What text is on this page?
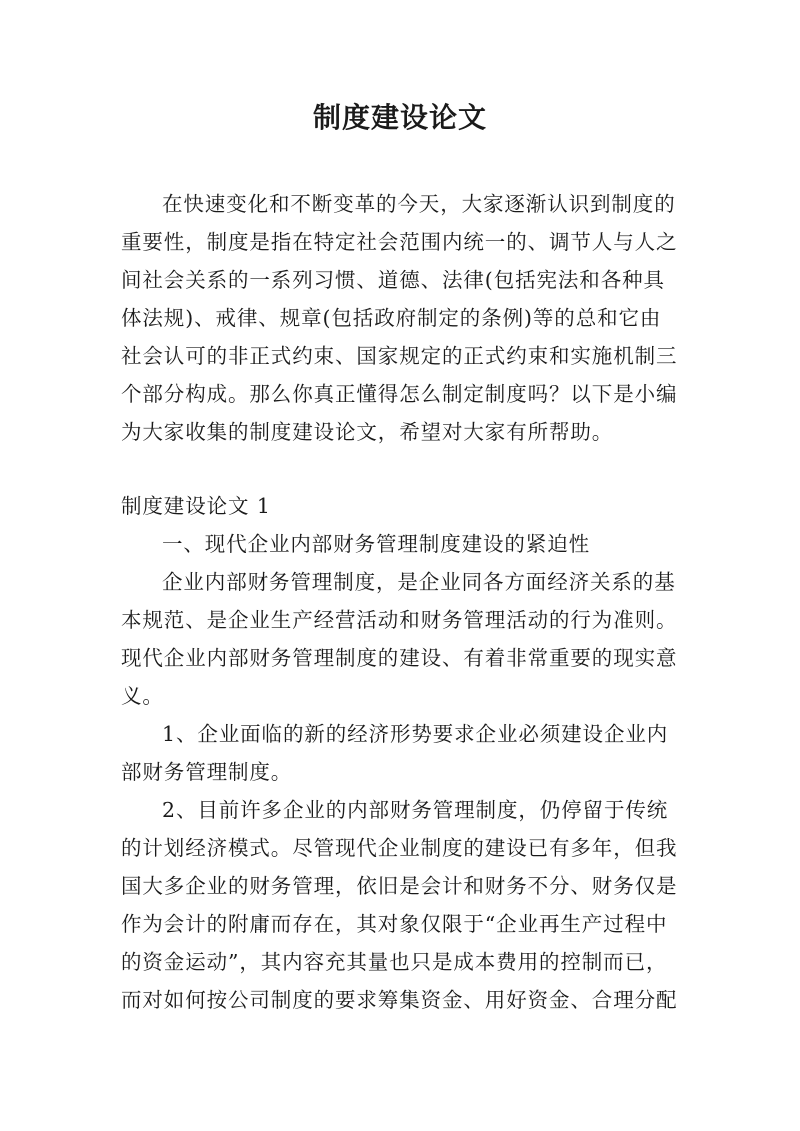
制度建设论文
在快速变化和不断变革的今天，大家逐渐认识到制度的
重要性，制度是指在特定社会范围内统一的、调节人与人之
间社会关系的一系列习惯、道德、法律(包括宪法和各种具
体法规)、戒律、规章(包括政府制定的条例)等的总和它由
社会认可的非正式约束、国家规定的正式约束和实施机制三
个部分构成。那么你真正懂得怎么制定制度吗？以下是小编
为大家收集的制度建设论文，希望对大家有所帮助。
制度建设论文 1
一、现代企业内部财务管理制度建设的紧迫性
企业内部财务管理制度，是企业同各方面经济关系的基
本规范、是企业生产经营活动和财务管理活动的行为准则。
现代企业内部财务管理制度的建设、有着非常重要的现实意
义。
1、企业面临的新的经济形势要求企业必须建设企业内
部财务管理制度。
2、目前许多企业的内部财务管理制度，仍停留于传统
的计划经济模式。尽管现代企业制度的建设已有多年，但我
国大多企业的财务管理，依旧是会计和财务不分、财务仅是
作为会计的附庸而存在，其对象仅限于“企业再生产过程中
的资金运动”，其内容充其量也只是成本费用的控制而已，
而对如何按公司制度的要求筹集资金、用好资金、合理分配
